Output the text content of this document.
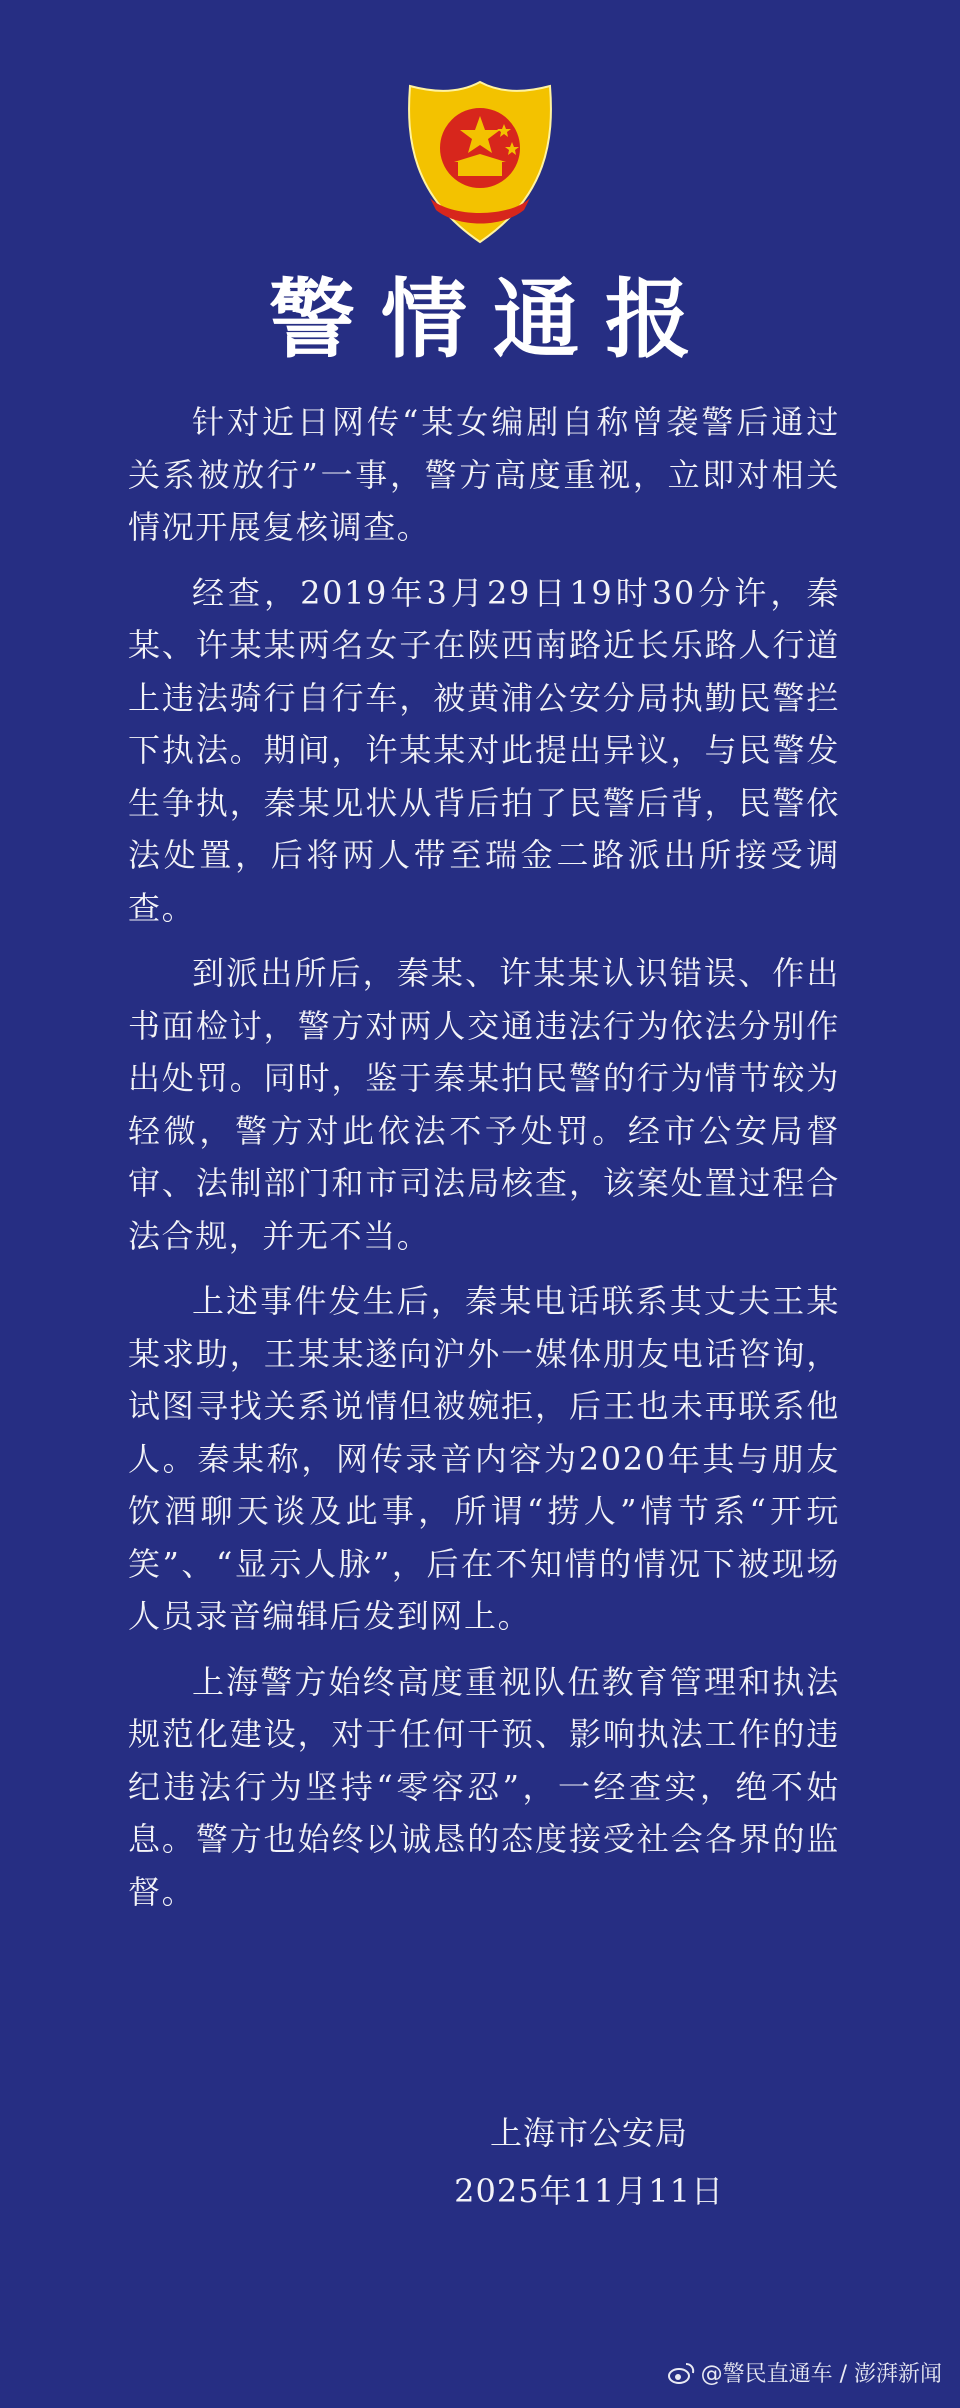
警情通报

针对近日网传“某女编剧自称曾袭警后通过关系被放行”一事，警方高度重视，立即对相关情况开展复核调查。

经查，2019年3月29日19时30分许，秦某、许某某两名女子在陕西南路近长乐路人行道上违法骑行自行车，被黄浦公安分局执勤民警拦下执法。期间，许某某对此提出异议，与民警发生争执，秦某见状从背后拍了民警后背，民警依法处置，后将两人带至瑞金二路派出所接受调查。

到派出所后，秦某、许某某认识错误、作出书面检讨，警方对两人交通违法行为依法分别作出处罚。同时，鉴于秦某拍民警的行为情节较为轻微，警方对此依法不予处罚。经市公安局督审、法制部门和市司法局核查，该案处置过程合法合规，并无不当。

上述事件发生后，秦某电话联系其丈夫王某某求助，王某某遂向沪外一媒体朋友电话咨询，试图寻找关系说情但被婉拒，后王也未再联系他人。秦某称，网传录音内容为2020年其与朋友饮酒聊天谈及此事，所谓“捞人”情节系“开玩笑”、“显示人脉”，后在不知情的情况下被现场人员录音编辑后发到网上。

上海警方始终高度重视队伍教育管理和执法规范化建设，对于任何干预、影响执法工作的违纪违法行为坚持“零容忍”，一经查实，绝不姑息。警方也始终以诚恳的态度接受社会各界的监督。

上海市公安局
2025年11月11日
@警民直通车 / 澎湃新闻
